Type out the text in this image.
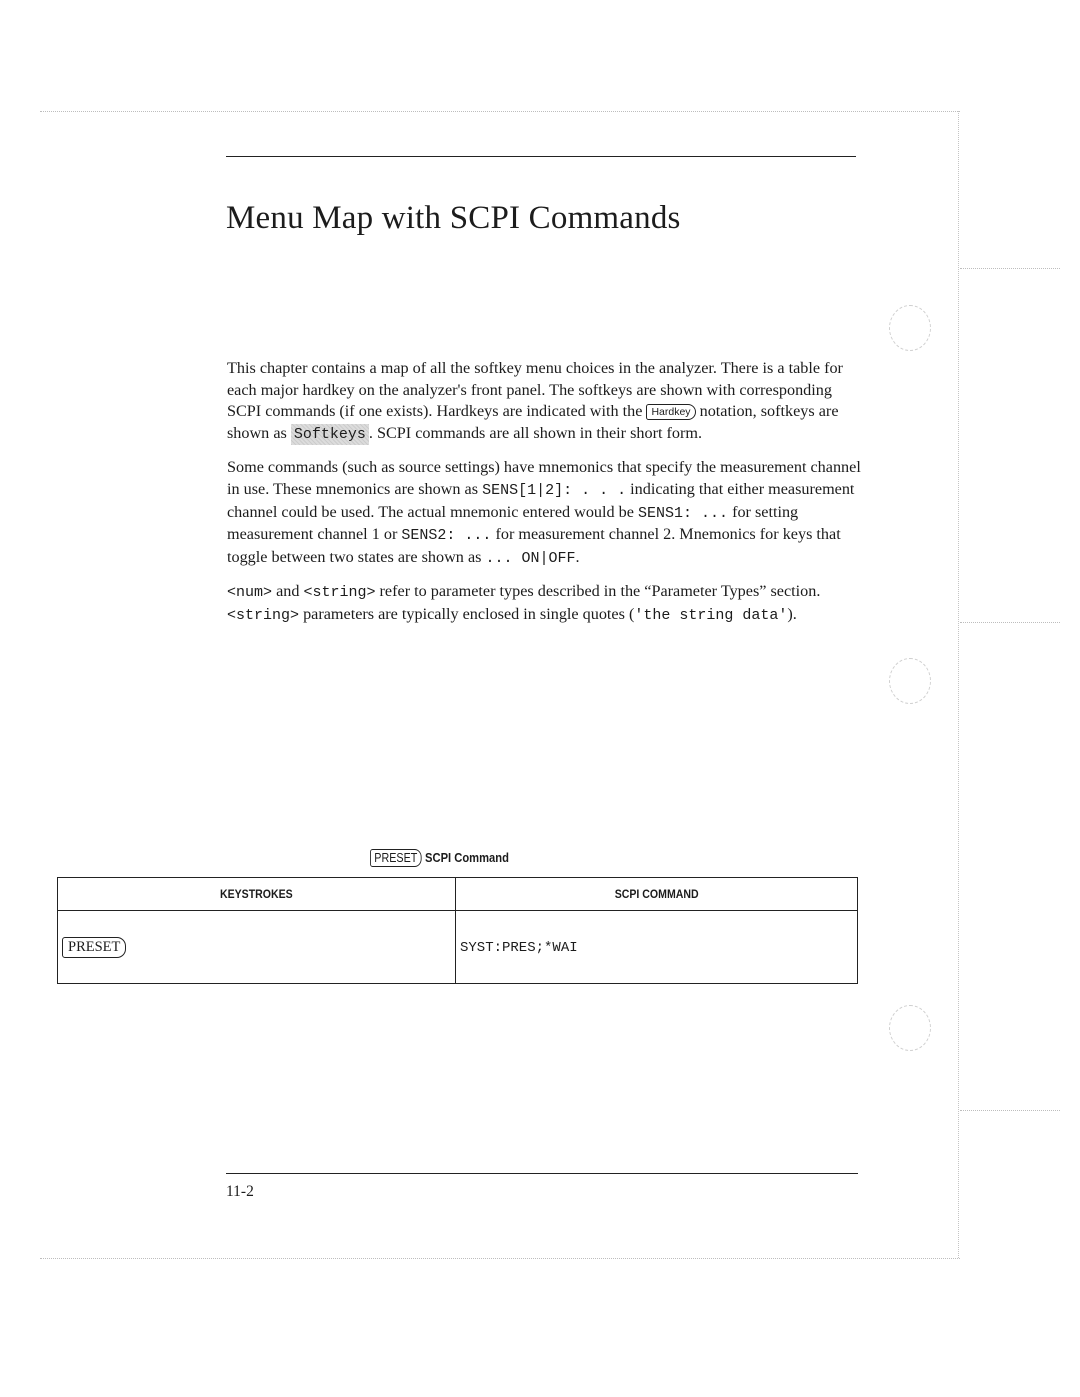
Menu Map with SCPI Commands

This chapter contains a map of all the softkey menu choices in the analyzer. There is a table for each major hardkey on the analyzer's front panel. The softkeys are shown with corresponding SCPI commands (if one exists). Hardkeys are indicated with the Hardkey notation, softkeys are shown as Softkeys . SCPI commands are all shown in their short form.

Some commands (such as source settings) have mnemonics that specify the measurement channel in use. These mnemonics are shown as SENS[1|2]: . . . indicating that either measurement channel could be used. The actual mnemonic entered would be SENS1: ... for setting measurement channel 1 or SENS2: ... for measurement channel 2. Mnemonics for keys that toggle between two states are shown as ... ON|OFF.

<num> and <string> refer to parameter types described in the “Parameter Types” section. <string> parameters are typically enclosed in single quotes ('the string data').

PRESET SCPI Command
KEYSTROKES	SCPI COMMAND
PRESET	SYST:PRES;*WAI
11-2
